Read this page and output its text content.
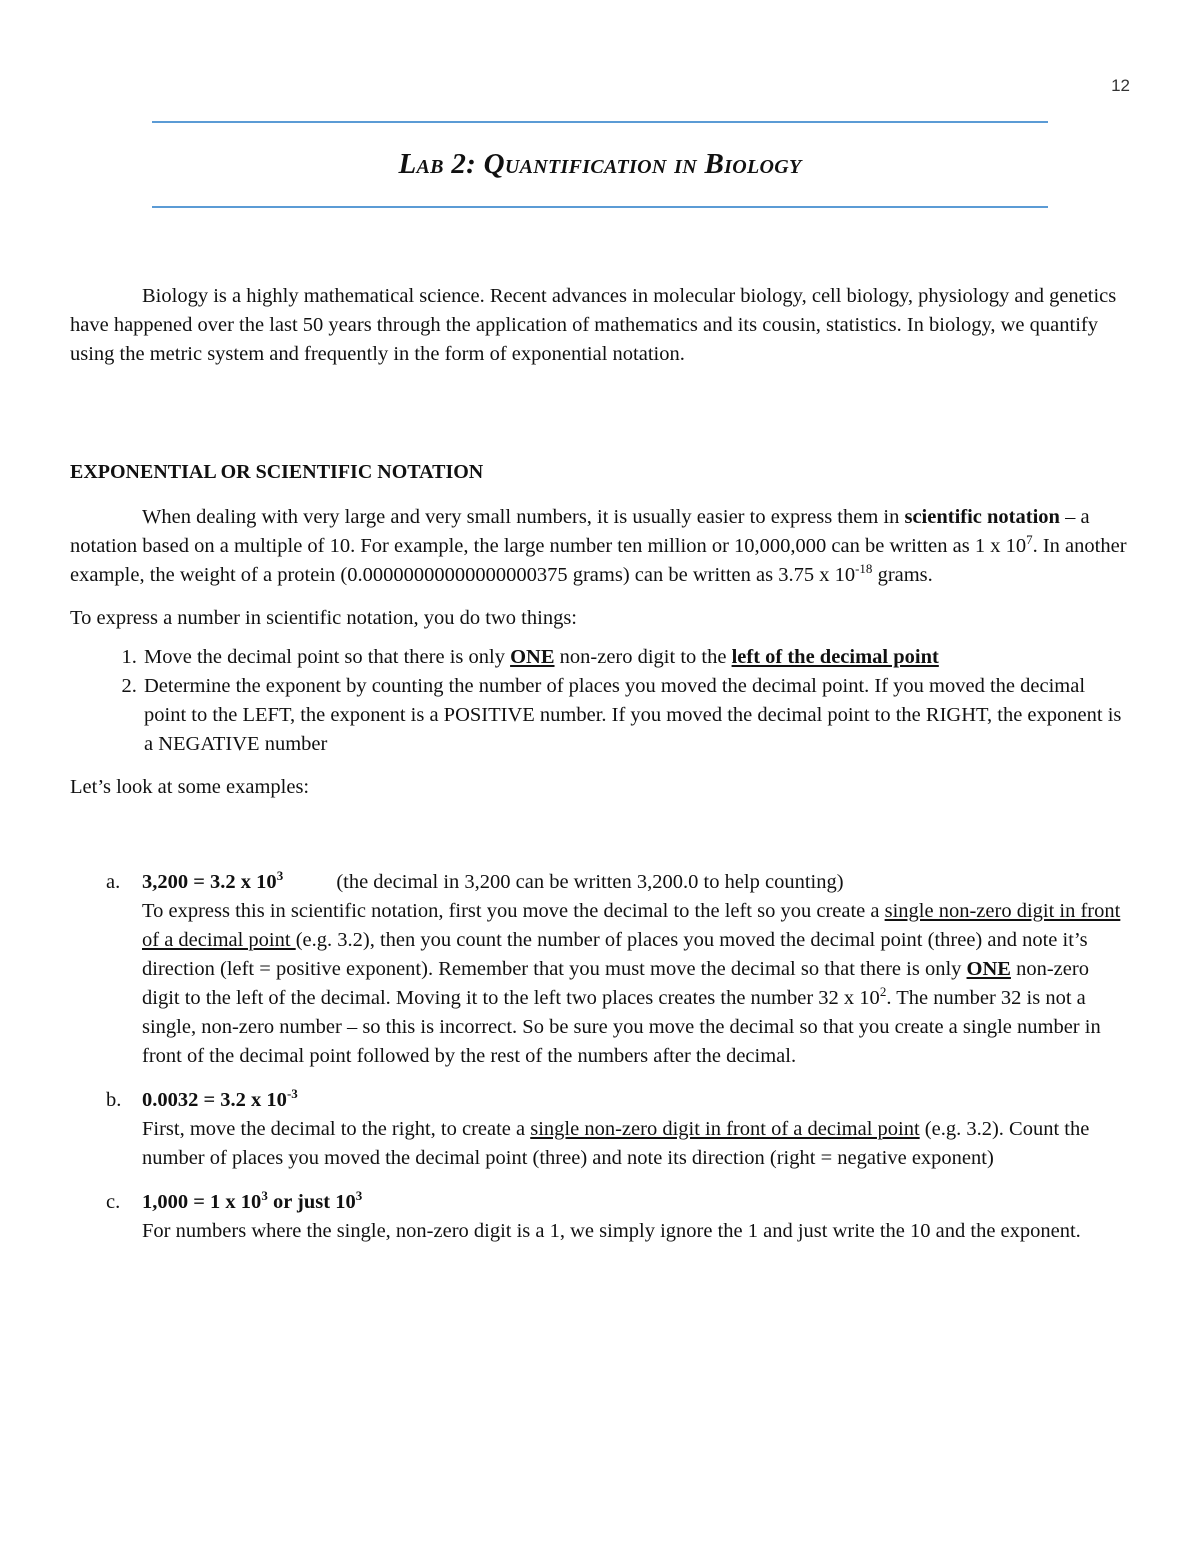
12
Lab 2: Quantification in Biology

Biology is a highly mathematical science. Recent advances in molecular biology, cell biology, physiology and genetics have happened over the last 50 years through the application of mathematics and its cousin, statistics. In biology, we quantify using the metric system and frequently in the form of exponential notation.

EXPONENTIAL OR SCIENTIFIC NOTATION

When dealing with very large and very small numbers, it is usually easier to express them in scientific notation – a notation based on a multiple of 10. For example, the large number ten million or 10,000,000 can be written as 1 x $10^7$. In another example, the weight of a protein (0.00000000000000000375 grams) can be written as 3.75 x $10^{-18}$ grams.

To express a number in scientific notation, you do two things:

1. Move the decimal point so that there is only ONE non-zero digit to the left of the decimal point
2. Determine the exponent by counting the number of places you moved the decimal point. If you moved the decimal point to the LEFT, the exponent is a POSITIVE number. If you moved the decimal point to the RIGHT, the exponent is a NEGATIVE number

Let’s look at some examples:

a. 3,200 = 3.2 x $10^3$	(the decimal in 3,200 can be written 3,200.0 to help counting)
To express this in scientific notation, first you move the decimal to the left so you create a single non-zero digit in front of a decimal point (e.g. 3.2), then you count the number of places you moved the decimal point (three) and note it’s direction (left = positive exponent). Remember that you must move the decimal so that there is only ONE non-zero digit to the left of the decimal. Moving it to the left two places creates the number 32 x $10^2$. The number 32 is not a single, non-zero number – so this is incorrect. So be sure you move the decimal so that you create a single number in front of the decimal point followed by the rest of the numbers after the decimal.
b. 0.0032 = 3.2 x $10^{-3}$
First, move the decimal to the right, to create a single non-zero digit in front of a decimal point (e.g. 3.2). Count the number of places you moved the decimal point (three) and note its direction (right = negative exponent)
c. 1,000 = 1 x $10^3$ or just $10^3$
For numbers where the single, non-zero digit is a 1, we simply ignore the 1 and just write the 10 and the exponent.
